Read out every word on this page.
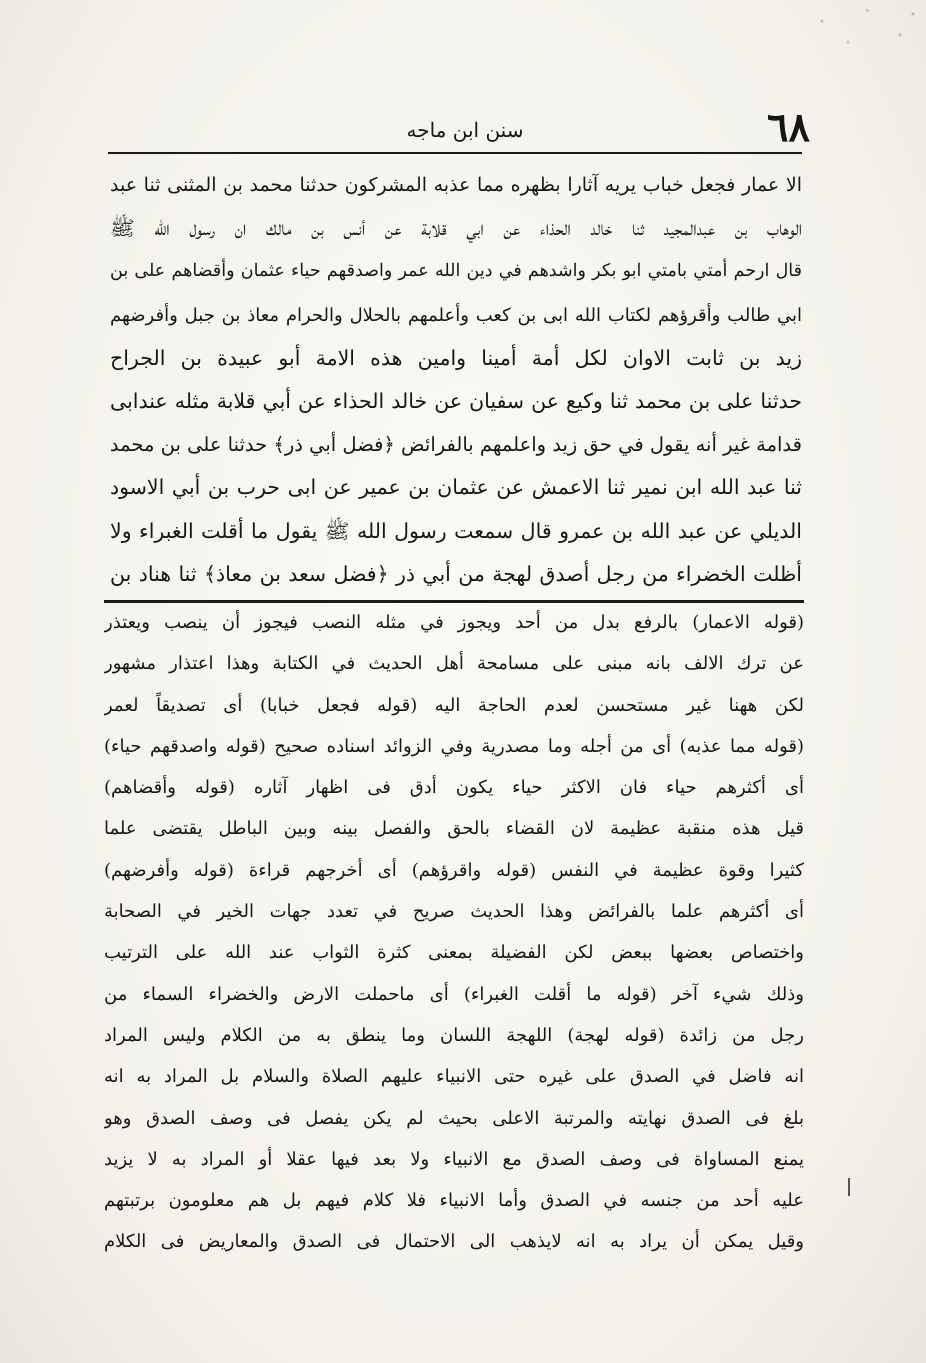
٦٨
سنن ابن ماجه
الا عمار فجعل خباب يريه آثارا بظهره مما عذبه المشركون حدثنا محمد بن المثنى ثنا عبد
الوهاب بن عبدالمجيد ثنا خالد الحذاء عن ابي قلابة عن أنس بن مالك ان رسول الله ﷺ
قال ارحم أمتي بامتي ابو بكر واشدهم في دين الله عمر واصدقهم حياء عثمان وأقضاهم على بن
ابي طالب وأقرؤهم لكتاب الله ابى بن كعب وأعلمهم بالحلال والحرام معاذ بن جبل وأفرضهم
زيد بن ثابت الاوان لكل أمة أمينا وامين هذه الامة أبو عبيدة بن الجراح
حدثنا على بن محمد ثنا وكيع عن سفيان عن خالد الحذاء عن أبي قلابة مثله عندابى
قدامة غير أنه يقول في حق زيد واعلمهم بالفرائض ﴿فضل أبي ذر﴾ حدثنا على بن محمد
ثنا عبد الله ابن نمير ثنا الاعمش عن عثمان بن عمير عن ابى حرب بن أبي الاسود
الديلي عن عبد الله بن عمرو قال سمعت رسول الله ﷺ يقول ما أقلت الغبراء ولا
أظلت الخضراء من رجل أصدق لهجة من أبي ذر ﴿فضل سعد بن معاذ﴾ ثنا هناد بن
(قوله الاعمار) بالرفع بدل من أحد ويجوز في مثله النصب فيجوز أن ينصب ويعتذر
عن ترك الالف بانه مبنى على مسامحة أهل الحديث في الكتابة وهذا اعتذار مشهور
لكن ههنا غير مستحسن لعدم الحاجة اليه (قوله فجعل خبابا) أى تصديقاً لعمر
(قوله مما عذبه) أى من أجله وما مصدرية وفي الزوائد اسناده صحيح (قوله واصدقهم حياء)
أى أكثرهم حياء فان الاكثر حياء يكون أدق فى اظهار آثاره (قوله وأقضاهم)
قيل هذه منقبة عظيمة لان القضاء بالحق والفصل بينه وبين الباطل يقتضى علما
كثيرا وقوة عظيمة في النفس (قوله واقرؤهم) أى أخرجهم قراءة (قوله وأفرضهم)
أى أكثرهم علما بالفرائض وهذا الحديث صريح في تعدد جهات الخير في الصحابة
واختصاص بعضها ببعض لكن الفضيلة بمعنى كثرة الثواب عند الله على الترتيب
وذلك شيء آخر (قوله ما أقلت الغبراء) أى ماحملت الارض والخضراء السماء من
رجل من زائدة (قوله لهجة) اللهجة اللسان وما ينطق به من الكلام وليس المراد
انه فاضل في الصدق على غيره حتى الانبياء عليهم الصلاة والسلام بل المراد به انه
بلغ فى الصدق نهايته والمرتبة الاعلى بحيث لم يكن يفصل فى وصف الصدق وهو
يمنع المساواة فى وصف الصدق مع الانبياء ولا بعد فيها عقلا أو المراد به لا يزيد
عليه أحد من جنسه في الصدق وأما الانبياء فلا كلام فيهم بل هم معلومون برتبتهم
وقيل يمكن أن يراد به انه لايذهب الى الاحتمال فى الصدق والمعاريض فى الكلام
